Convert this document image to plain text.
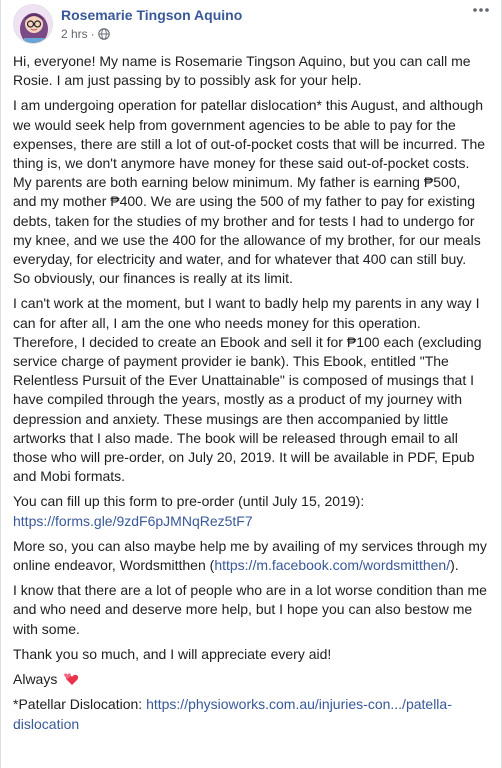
Rosemarie Tingson Aquino
2 hrs ·

Hi, everyone! My name is Rosemarie Tingson Aquino, but you can call me Rosie. I am just passing by to possibly ask for your help.

I am undergoing operation for patellar dislocation* this August, and although we would seek help from government agencies to be able to pay for the expenses, there are still a lot of out-of-pocket costs that will be incurred. The thing is, we don't anymore have money for these said out-of-pocket costs. My parents are both earning below minimum. My father is earning ₱500, and my mother ₱400. We are using the 500 of my father to pay for existing debts, taken for the studies of my brother and for tests I had to undergo for my knee, and we use the 400 for the allowance of my brother, for our meals everyday, for electricity and water, and for whatever that 400 can still buy. So obviously, our finances is really at its limit.

I can't work at the moment, but I want to badly help my parents in any way I can for after all, I am the one who needs money for this operation. Therefore, I decided to create an Ebook and sell it for ₱100 each (excluding service charge of payment provider ie bank). This Ebook, entitled "The Relentless Pursuit of the Ever Unattainable" is composed of musings that I have compiled through the years, mostly as a product of my journey with depression and anxiety. These musings are then accompanied by little artworks that I also made. The book will be released through email to all those who will pre-order, on July 20, 2019. It will be available in PDF, Epub and Mobi formats.

You can fill up this form to pre-order (until July 15, 2019):
https://forms.gle/9zdF6pJMNqRez5tF7

More so, you can also maybe help me by availing of my services through my online endeavor, Wordsmitthen (https://m.facebook.com/wordsmitthen/).

I know that there are a lot of people who are in a lot worse condition than me and who need and deserve more help, but I hope you can also bestow me with some.

Thank you so much, and I will appreciate every aid!

Always

*Patellar Dislocation: https://physioworks.com.au/injuries-con.../patella-dislocation
